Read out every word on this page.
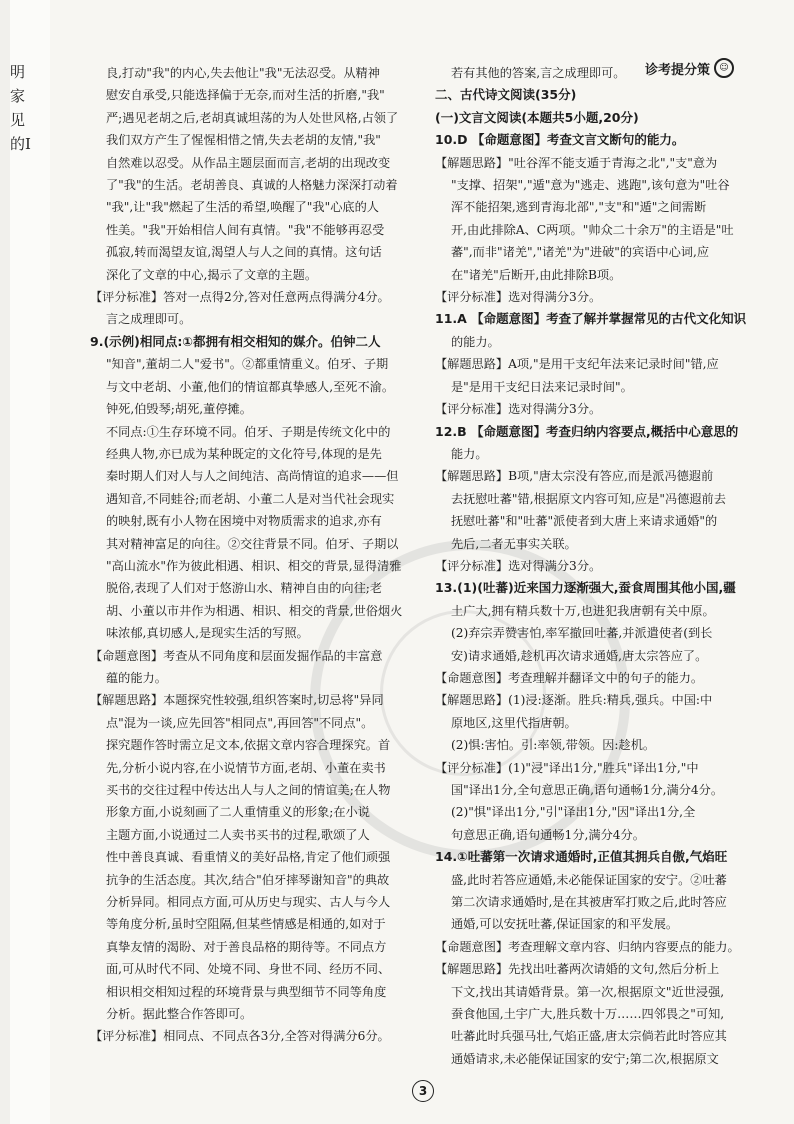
明家见的I
诊考提分策	☺
良,打动"我"的内心,失去他让"我"无法忍受。从精神
慰安自承受,只能选择偏于无奈,而对生活的折磨,"我"
严;遇见老胡之后,老胡真诚坦荡的为人处世风格,占领了
我们双方产生了惺惺相惜之情,失去老胡的友情,"我"
自然难以忍受。从作品主题层面而言,老胡的出现改变
了"我"的生活。老胡善良、真诚的人格魅力深深打动着
"我",让"我"燃起了生活的希望,唤醒了"我"心底的人
性美。"我"开始相信人间有真情。"我"不能够再忍受
孤寂,转而渴望友谊,渴望人与人之间的真情。这句话
深化了文章的中心,揭示了文章的主题。
【评分标准】答对一点得2分,答对任意两点得满分4分。
言之成理即可。
9.(示例)相同点:①都拥有相交相知的媒介。伯钟二人
"知音",董胡二人"爱书"。②都重情重义。伯牙、子期
与文中老胡、小董,他们的情谊都真挚感人,至死不渝。
钟死,伯毁琴;胡死,董停摊。
不同点:①生存环境不同。伯牙、子期是传统文化中的
经典人物,亦已成为某种既定的文化符号,体现的是先
秦时期人们对人与人之间纯洁、高尚情谊的追求——但
遇知音,不同蛙谷;而老胡、小董二人是对当代社会现实
的映射,既有小人物在困境中对物质需求的追求,亦有
其对精神富足的向往。②交往背景不同。伯牙、子期以
"高山流水"作为彼此相遇、相识、相交的背景,显得清雅
脱俗,表现了人们对于悠游山水、精神自由的向往;老
胡、小董以市井作为相遇、相识、相交的背景,世俗烟火
味浓郁,真切感人,是现实生活的写照。
【命题意图】考查从不同角度和层面发掘作品的丰富意
蕴的能力。
【解题思路】本题探究性较强,组织答案时,切忌将"异同
点"混为一谈,应先回答"相同点",再回答"不同点"。
探究题作答时需立足文本,依据文章内容合理探究。首
先,分析小说内容,在小说情节方面,老胡、小董在卖书
买书的交往过程中传达出人与人之间的情谊美;在人物
形象方面,小说刻画了二人重情重义的形象;在小说
主题方面,小说通过二人卖书买书的过程,歌颂了人
性中善良真诚、看重情义的美好品格,肯定了他们顽强
抗争的生活态度。其次,结合"伯牙摔琴谢知音"的典故
分析异同。相同点方面,可从历史与现实、古人与今人
等角度分析,虽时空阻隔,但某些情感是相通的,如对于
真挚友情的渴盼、对于善良品格的期待等。不同点方
面,可从时代不同、处境不同、身世不同、经历不同、
相识相交相知过程的环境背景与典型细节不同等角度
分析。据此整合作答即可。
【评分标准】相同点、不同点各3分,全答对得满分6分。
若有其他的答案,言之成理即可。
二、古代诗文阅读(35分)
(一)文言文阅读(本题共5小题,20分)
10.D 【命题意图】考查文言文断句的能力。
【解题思路】"吐谷浑不能支遁于青海之北","支"意为
"支撑、招架","遁"意为"逃走、逃跑",该句意为"吐谷
浑不能招架,逃到青海北部","支"和"遁"之间需断
开,由此排除A、C两项。"帅众二十余万"的主语是"吐
蕃",而非"诸羌","诸羌"为"进破"的宾语中心词,应
在"诸羌"后断开,由此排除B项。
【评分标准】选对得满分3分。
11.A 【命题意图】考查了解并掌握常见的古代文化知识
的能力。
【解题思路】A项,"是用干支纪年法来记录时间"错,应
是"是用干支纪日法来记录时间"。
【评分标准】选对得满分3分。
12.B 【命题意图】考查归纳内容要点,概括中心意思的
能力。
【解题思路】B项,"唐太宗没有答应,而是派冯德遐前
去抚慰吐蕃"错,根据原文内容可知,应是"冯德遐前去
抚慰吐蕃"和"吐蕃"派使者到大唐上来请求通婚"的
先后,二者无事实关联。
【评分标准】选对得满分3分。
13.(1)(吐蕃)近来国力逐渐强大,蚕食周围其他小国,疆
土广大,拥有精兵数十万,也进犯我唐朝有关中原。
(2)弃宗弄赞害怕,率军撤回吐蕃,并派遣使者(到长
安)请求通婚,趁机再次请求通婚,唐太宗答应了。
【命题意图】考查理解并翻译文中的句子的能力。
【解题思路】(1)浸:逐渐。胜兵:精兵,强兵。中国:中
原地区,这里代指唐朝。
(2)惧:害怕。引:率领,带领。因:趁机。
【评分标准】(1)"浸"译出1分,"胜兵"译出1分,"中
国"译出1分,全句意思正确,语句通畅1分,满分4分。
(2)"惧"译出1分,"引"译出1分,"因"译出1分,全
句意思正确,语句通畅1分,满分4分。
14.①吐蕃第一次请求通婚时,正值其拥兵自傲,气焰旺
盛,此时若答应通婚,未必能保证国家的安宁。②吐蕃
第二次请求通婚时,是在其被唐军打败之后,此时答应
通婚,可以安抚吐蕃,保证国家的和平发展。
【命题意图】考查理解文章内容、归纳内容要点的能力。
【解题思路】先找出吐蕃两次请婚的文句,然后分析上
下文,找出其请婚背景。第一次,根据原文"近世浸强,
蚕食他国,土宇广大,胜兵数十万……四邻畏之"可知,
吐蕃此时兵强马壮,气焰正盛,唐太宗倘若此时答应其
通婚请求,未必能保证国家的安宁;第二次,根据原文
3
